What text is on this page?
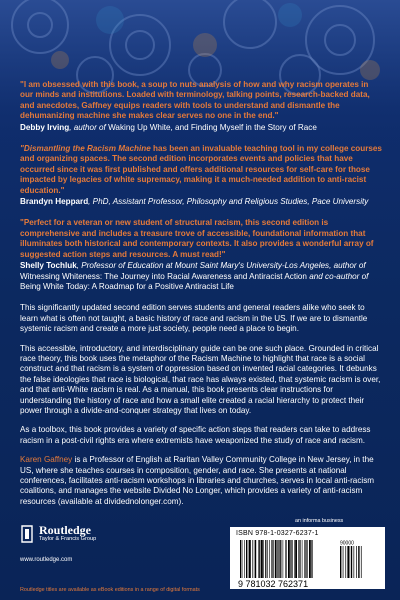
"I am obsessed with this book, a soup to nuts analysis of how and why racism operates in our minds and institutions. Loaded with terminology, talking points, research-backed data, and anecdotes, Gaffney equips readers with tools to understand and dismantle the dehumanizing machine she makes clear serves no one in the end."

Debby Irving, author of Waking Up White, and Finding Myself in the Story of Race

"Dismantling the Racism Machine has been an invaluable teaching tool in my college courses and organizing spaces. The second edition incorporates events and policies that have occurred since it was first published and offers additional resources for self-care for those impacted by legacies of white supremacy, making it a much-needed addition to anti-racist education."

Brandyn Heppard, PhD, Assistant Professor, Philosophy and Religious Studies, Pace University

"Perfect for a veteran or new student of structural racism, this second edition is comprehensive and includes a treasure trove of accessible, foundational information that illuminates both historical and contemporary contexts. It also provides a wonderful array of suggested action steps and resources. A must read!"

Shelly Tochluk, Professor of Education at Mount Saint Mary's University-Los Angeles, author of Witnessing Whiteness: The Journey into Racial Awareness and Antiracist Action and co-author of Being White Today: A Roadmap for a Positive Antiracist Life

This significantly updated second edition serves students and general readers alike who seek to learn what is often not taught, a basic history of race and racism in the US. If we are to dismantle systemic racism and create a more just society, people need a place to begin.

This accessible, introductory, and interdisciplinary guide can be one such place. Grounded in critical race theory, this book uses the metaphor of the Racism Machine to highlight that race is a social construct and that racism is a system of oppression based on invented racial categories. It debunks the false ideologies that race is biological, that race has always existed, that systemic racism is over, and that anti-White racism is real. As a manual, this book presents clear instructions for understanding the history of race and how a small elite created a racial hierarchy to protect their power through a divide-and-conquer strategy that lives on today.

As a toolbox, this book provides a variety of specific action steps that readers can take to address racism in a post-civil rights era where extremists have weaponized the study of race and racism.

Karen Gaffney is a Professor of English at Raritan Valley Community College in New Jersey, in the US, where she teaches courses in composition, gender, and race. She presents at national conferences, facilitates anti-racism workshops in libraries and churches, serves in local anti-racism coalitions, and manages the website Divided No Longer, which provides a variety of anti-racism resources (available at dividednolonger.com).

Routledge
Taylor & Francis Group
www.routledge.com
Routledge titles are available as eBook editions in a range of digital formats
an informa business
ISBN 978-1-0327-6237-1
9 781032 762371
90000
